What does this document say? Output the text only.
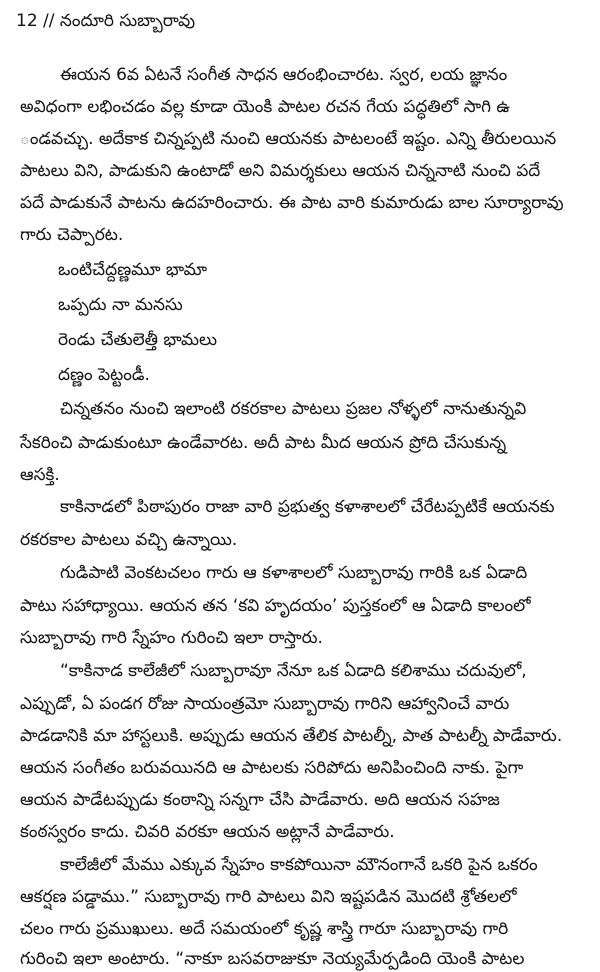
12 // నందూరి సుబ్బారావు
ఈయన 6వ ఏటనే సంగీత సాధన ఆరంభించారట. స్వర, లయ జ్ఞానం
అవిధంగా లభించడం వల్ల కూడా యెంకి పాటల రచన గేయ పద్ధతిలో సాగి ఉ
ండవచ్చు. అదేకాక చిన్నప్పటి నుంచి ఆయనకు పాటలంటే ఇష్టం. ఎన్ని తీరులయిన
పాటలు విని, పాడుకుని ఉంటాడో అని విమర్శకులు ఆయన చిన్ననాటి నుంచి పదే
పదే పాడుకునే పాటను ఉదహరించారు. ఈ పాట వారి కుమారుడు బాల సూర్యారావు
గారు చెప్పారట.
ఒంటిచేద్దణ్ణమూ భామా
ఒప్పదు నా మనసు
రెండు చేతులెత్తీ భామలు
దణ్ణం పెట్టండీ.
చిన్నతనం నుంచి ఇలాంటి రకరకాల పాటలు ప్రజల నోళ్ళలో నానుతున్నవి
సేకరించి పాడుకుంటూ ఉండేవారట. అదీ పాట మీద ఆయన ప్రోది చేసుకున్న
ఆసక్తి.
కాకినాడలో పిఠాపురం రాజా వారి ప్రభుత్వ కళాశాలలో చేరేటప్పటికే ఆయనకు
రకరకాల పాటలు వచ్చి ఉన్నాయి.
గుడిపాటి వెంకటచలం గారు ఆ కళాశాలలో సుబ్బారావు గారికి ఒక ఏడాది
పాటు సహాధ్యాయి. ఆయన తన ‘కవి హృదయం’ పుస్తకంలో ఆ ఏడాది కాలంలో
సుబ్బారావు గారి స్నేహం గురించి ఇలా రాస్తారు.
“కాకినాడ కాలేజీలో సుబ్బారావూ నేనూ ఒక ఏడాది కలిశాము చదువులో,
ఎప్పుడో, ఏ పండగ రోజు సాయంత్రమో సుబ్బారావు గారిని ఆహ్వానించే వారు
పాడడానికి మా హాస్టలుకి. అప్పుడు ఆయన తేలిక పాటల్నీ, పాత పాటల్నీ పాడేవారు.
ఆయన సంగీతం బరువయినది ఆ పాటలకు సరిపోదు అనిపించింది నాకు. పైగా
ఆయన పాడేటప్పుడు కంఠాన్ని సన్నగా చేసి పాడేవారు. అది ఆయన సహజ
కంఠస్వరం కాదు. చివరి వరకూ ఆయన అట్లానే పాడేవారు.
కాలేజీలో మేము ఎక్కువ స్నేహం కాకపోయినా మౌనంగానే ఒకరి పైన ఒకరం
ఆకర్షణ పడ్డాము.” సుబ్బారావు గారి పాటలు విని ఇష్టపడిన మొదటి శ్రోతలలో
చలం గారు ప్రముఖులు. అదే సమయంలో కృష్ణ శాస్త్రి గారూ సుబ్బారావు గారి
గురించి ఇలా అంటారు. “నాకూ బసవరాజుకూ నెయ్యమేర్పడింది యెంకి పాటల
